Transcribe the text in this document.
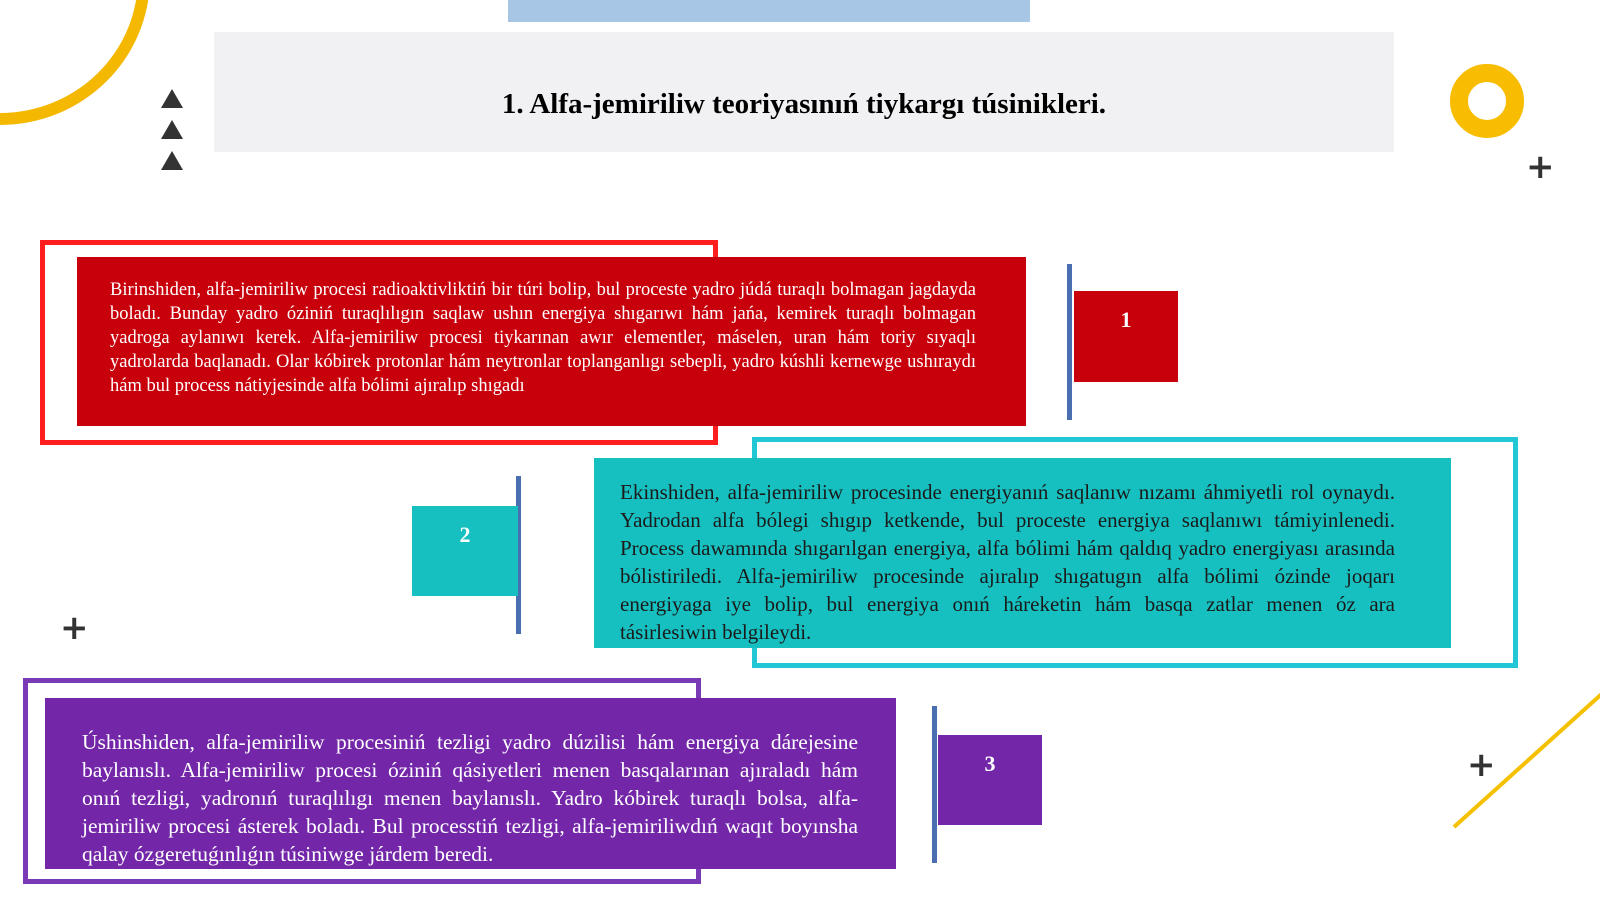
1. Alfa-jemiriliw teoriyasınıń tiykargı túsinikleri.
+
+
+
Birinshiden, alfa-jemiriliw procesi radioaktivliktiń bir túri bolip, bul proceste yadro júdá turaqlı bolmagan jagdayda boladı. Bunday yadro óziniń turaqlılıgın saqlaw ushın energiya shıgarıwı hám jańa, kemirek turaqlı bolmagan yadroga aylanıwı kerek. Alfa-jemiriliw procesi tiykarınan awır elementler, máselen, uran hám toriy sıyaqlı yadrolarda baqlanadı. Olar kóbirek protonlar hám neytronlar toplanganlıgı sebepli, yadro kúshli kernewge ushıraydı hám bul process nátiyjesinde alfa bólimi ajıralıp shıgadı
1
Ekinshiden, alfa-jemiriliw procesinde energiyanıń saqlanıw nızamı áhmiyetli rol oynaydı. Yadrodan alfa bólegi shıgıp ketkende, bul proceste energiya saqlanıwı támiyinlenedi. Process dawamında shıgarılgan energiya, alfa bólimi hám qaldıq yadro energiyası arasında bólistiriledi. Alfa-jemiriliw procesinde ajıralıp shıgatugın alfa bólimi ózinde joqarı energiyaga iye bolip, bul energiya onıń háreketin hám basqa zatlar menen óz ara tásirlesiwin belgileydi.
2
Úshinshiden, alfa-jemiriliw procesiniń tezligi yadro dúzilisi hám energiya dárejesine baylanıslı. Alfa-jemiriliw procesi óziniń qásiyetleri menen basqalarınan ajıraladı hám onıń tezligi, yadronıń turaqlılıgı menen baylanıslı. Yadro kóbirek turaqlı bolsa, alfa-jemiriliw procesi ásterek boladı. Bul processtiń tezligi, alfa-jemiriliwdıń waqıt boyınsha qalay ózgeretuǵınlıǵın túsiniwge járdem beredi.
3
